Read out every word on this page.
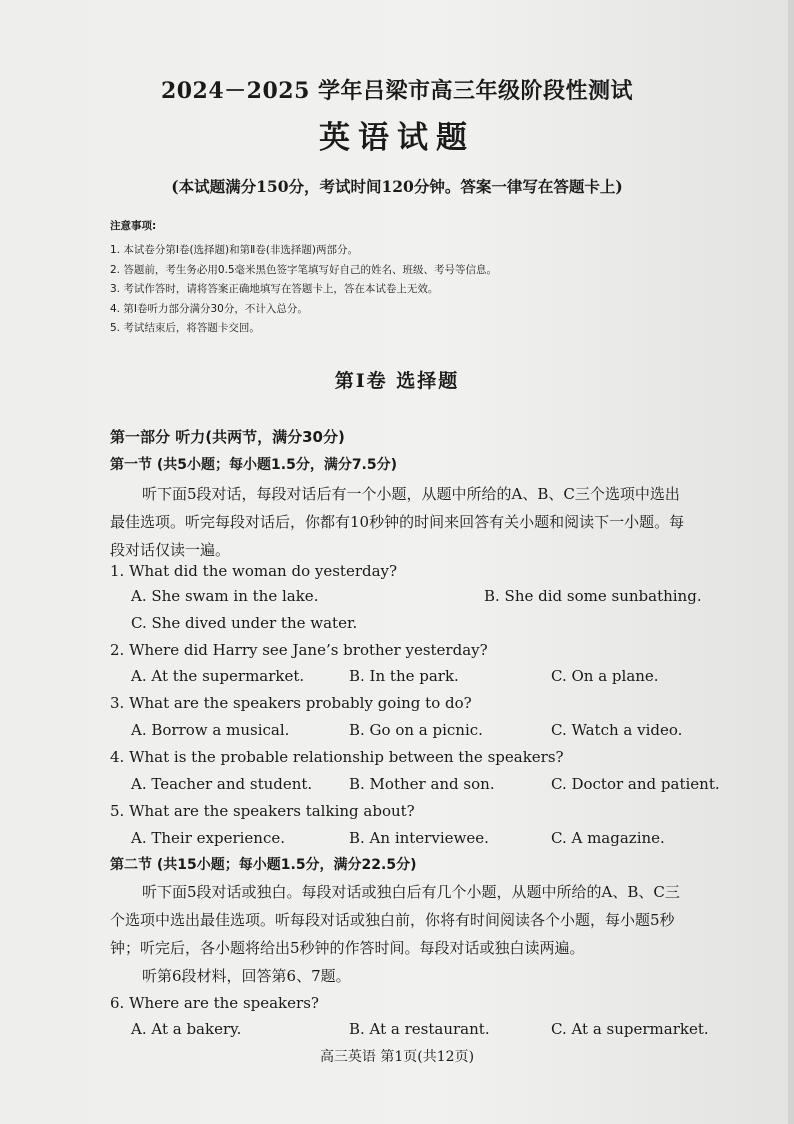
2024－2025 学年吕梁市高三年级阶段性测试
英语试题
(本试题满分150分，考试时间120分钟。答案一律写在答题卡上)
注意事项:
1. 本试卷分第Ⅰ卷(选择题)和第Ⅱ卷(非选择题)两部分。
2. 答题前，考生务必用0.5毫米黑色签字笔填写好自己的姓名、班级、考号等信息。
3. 考试作答时，请将答案正确地填写在答题卡上，答在本试卷上无效。
4. 第Ⅰ卷听力部分满分30分，不计入总分。
5. 考试结束后，将答题卡交回。
第Ⅰ卷 选择题
第一部分 听力(共两节，满分30分)
第一节 (共5小题；每小题1.5分，满分7.5分)
听下面5段对话，每段对话后有一个小题，从题中所给的A、B、C三个选项中选出最佳选项。听完每段对话后，你都有10秒钟的时间来回答有关小题和阅读下一小题。每段对话仅读一遍。
1. What did the woman do yesterday?
A. She swam in the lake.	B. She did some sunbathing.
C. She dived under the water.
2. Where did Harry see Jane’s brother yesterday?
A. At the supermarket.	B. In the park.	C. On a plane.
3. What are the speakers probably going to do?
A. Borrow a musical.	B. Go on a picnic.	C. Watch a video.
4. What is the probable relationship between the speakers?
A. Teacher and student. B. Mother and son.	C. Doctor and patient.
5. What are the speakers talking about?
A. Their experience.	B. An interviewee.	C. A magazine.
第二节 (共15小题；每小题1.5分，满分22.5分)
听下面5段对话或独白。每段对话或独白后有几个小题，从题中所给的A、B、C三个选项中选出最佳选项。听每段对话或独白前，你将有时间阅读各个小题，每小题5秒钟；听完后，各小题将给出5秒钟的作答时间。每段对话或独白读两遍。
听第6段材料，回答第6、7题。
6. Where are the speakers?
A. At a bakery.	B. At a restaurant.	C. At a supermarket.
高三英语 第1页(共12页)
